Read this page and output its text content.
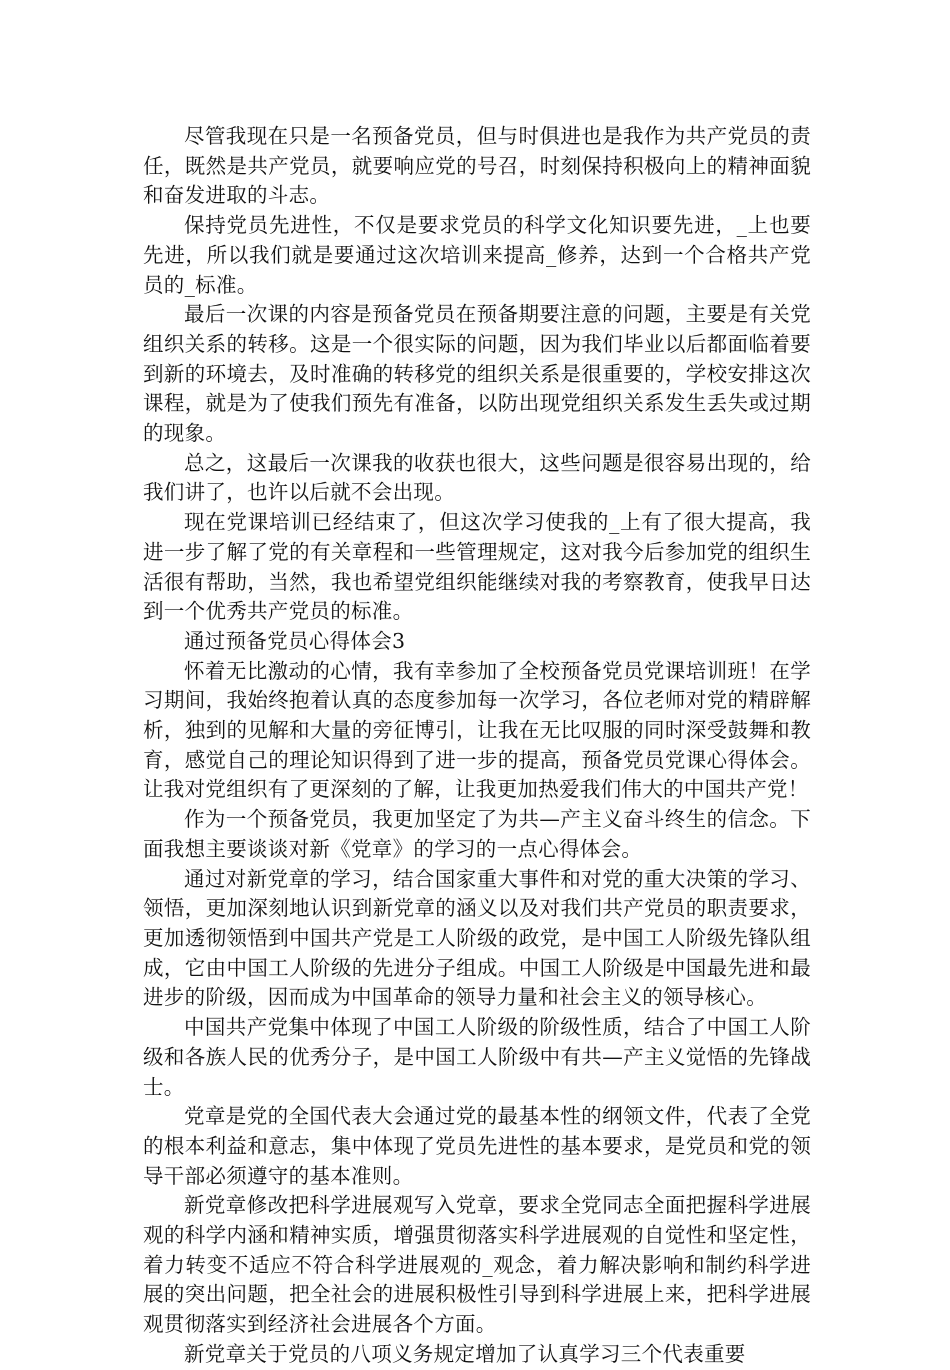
尽管我现在只是一名预备党员，但与时俱进也是我作为共产党员的责任，既然是共产党员，就要响应党的号召，时刻保持积极向上的精神面貌和奋发进取的斗志。

保持党员先进性，不仅是要求党员的科学文化知识要先进，_上也要先进，所以我们就是要通过这次培训来提高_修养，达到一个合格共产党员的_标准。

最后一次课的内容是预备党员在预备期要注意的问题，主要是有关党组织关系的转移。这是一个很实际的问题，因为我们毕业以后都面临着要到新的环境去，及时准确的转移党的组织关系是很重要的，学校安排这次课程，就是为了使我们预先有准备，以防出现党组织关系发生丢失或过期的现象。

总之，这最后一次课我的收获也很大，这些问题是很容易出现的，给我们讲了，也许以后就不会出现。

现在党课培训已经结束了，但这次学习使我的_上有了很大提高，我进一步了解了党的有关章程和一些管理规定，这对我今后参加党的组织生活很有帮助，当然，我也希望党组织能继续对我的考察教育，使我早日达到一个优秀共产党员的标准。

通过预备党员心得体会3

怀着无比激动的心情，我有幸参加了全校预备党员党课培训班！在学习期间，我始终抱着认真的态度参加每一次学习，各位老师对党的精辟解析，独到的见解和大量的旁征博引，让我在无比叹服的同时深受鼓舞和教育，感觉自己的理论知识得到了进一步的提高，预备党员党课心得体会。让我对党组织有了更深刻的了解，让我更加热爱我们伟大的中国共产党！

作为一个预备党员，我更加坚定了为共—产主义奋斗终生的信念。下面我想主要谈谈对新《党章》的学习的一点心得体会。

通过对新党章的学习，结合国家重大事件和对党的重大决策的学习、领悟，更加深刻地认识到新党章的涵义以及对我们共产党员的职责要求，更加透彻领悟到中国共产党是工人阶级的政党，是中国工人阶级先锋队组成，它由中国工人阶级的先进分子组成。中国工人阶级是中国最先进和最进步的阶级，因而成为中国革命的领导力量和社会主义的领导核心。

中国共产党集中体现了中国工人阶级的阶级性质，结合了中国工人阶级和各族人民的优秀分子，是中国工人阶级中有共—产主义觉悟的先锋战士。

党章是党的全国代表大会通过党的最基本性的纲领文件，代表了全党的根本利益和意志，集中体现了党员先进性的基本要求，是党员和党的领导干部必须遵守的基本准则。

新党章修改把科学进展观写入党章，要求全党同志全面把握科学进展观的科学内涵和精神实质，增强贯彻落实科学进展观的自觉性和坚定性，着力转变不适应不符合科学进展观的_观念，着力解决影响和制约科学进展的突出问题，把全社会的进展积极性引导到科学进展上来，把科学进展观贯彻落实到经济社会进展各个方面。

新党章关于党员的八项义务规定增加了认真学习三个代表重要
